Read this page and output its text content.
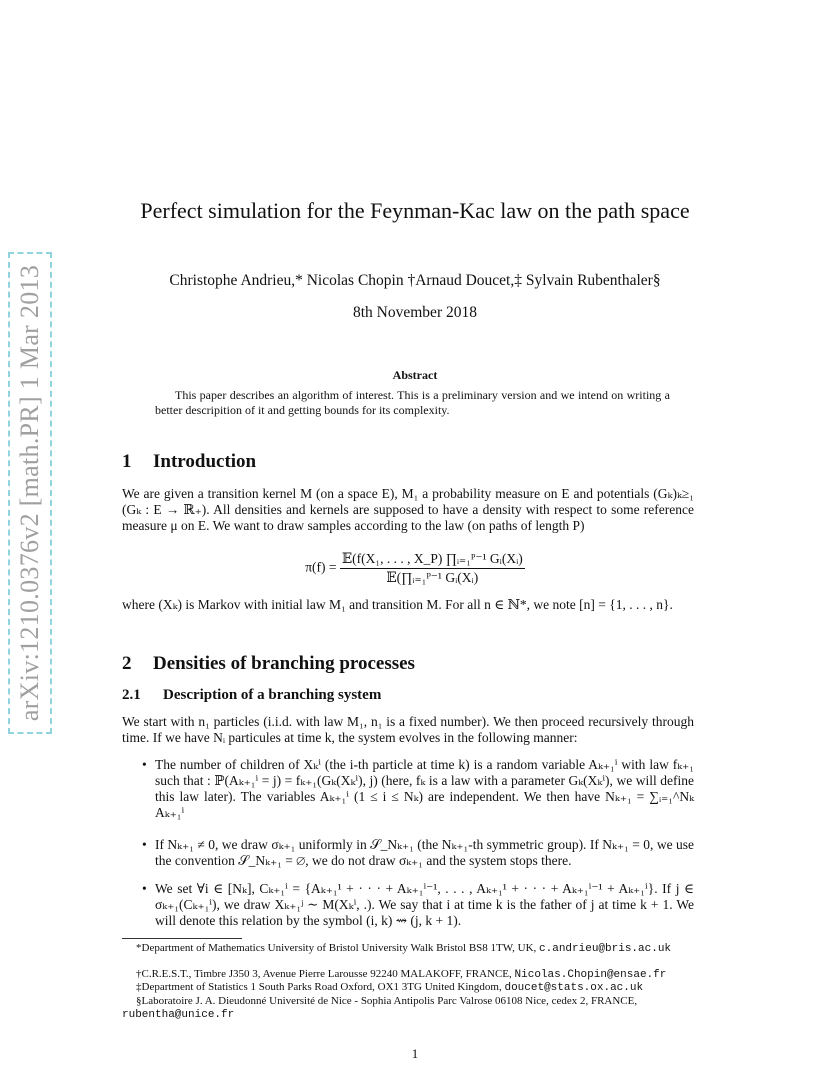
arXiv:1210.0376v2 [math.PR] 1 Mar 2013
Perfect simulation for the Feynman-Kac law on the path space
Christophe Andrieu,* Nicolas Chopin †Arnaud Doucet,‡ Sylvain Rubenthaler§
8th November 2018
Abstract
This paper describes an algorithm of interest. This is a preliminary version and we intend on writing a better descripition of it and getting bounds for its complexity.
1 Introduction
We are given a transition kernel M (on a space E), M₁ a probability measure on E and potentials (Gₖ)ₖ≥₁ (Gₖ : E → ℝ₊). All densities and kernels are supposed to have a density with respect to some reference measure μ on E. We want to draw samples according to the law (on paths of length P)
$\pi(f) = \frac{\text{𝔼(f(X₁, . . . , X\_P) ∏ᵢ₌₁ᴾ⁻¹ Gᵢ(Xᵢ)}}{\text{𝔼(∏ᵢ₌₁ᴾ⁻¹ Gᵢ(Xᵢ)}}$
where (Xₖ) is Markov with initial law M₁ and transition M. For all n ∈ ℕ*, we note [n] = {1, . . . , n}.
2 Densities of branching processes
2.1 Description of a branching system
We start with n₁ particles (i.i.d. with law M₁, n₁ is a fixed number). We then proceed recursively through time. If we have Nᵢ particules at time k, the system evolves in the following manner:
• The number of children of Xₖⁱ (the i-th particle at time k) is a random variable Aₖ₊₁ⁱ with law fₖ₊₁ such that : ℙ(Aₖ₊₁ⁱ = j) = fₖ₊₁(Gₖ(Xₖⁱ), j) (here, fₖ is a law with a parameter Gₖ(Xₖⁱ), we will define this law later). The variables Aₖ₊₁ⁱ (1 ≤ i ≤ Nₖ) are independent. We then have Nₖ₊₁ = ∑ᵢ₌₁^Nₖ Aₖ₊₁ⁱ
• If Nₖ₊₁ ≠ 0, we draw σₖ₊₁ uniformly in 𝒮_Nₖ₊₁ (the Nₖ₊₁-th symmetric group). If Nₖ₊₁ = 0, we use the convention 𝒮_Nₖ₊₁ = ∅, we do not draw σₖ₊₁ and the system stops there.
• We set ∀i ∈ [Nₖ], Cₖ₊₁ⁱ = {Aₖ₊₁¹ + · · · + Aₖ₊₁ⁱ⁻¹, . . . , Aₖ₊₁¹ + · · · + Aₖ₊₁ⁱ⁻¹ + Aₖ₊₁ⁱ}. If j ∈ σₖ₊₁(Cₖ₊₁ⁱ), we draw Xₖ₊₁ʲ ∼ M(Xₖⁱ, .). We say that i at time k is the father of j at time k + 1. We will denote this relation by the symbol (i, k) ⇝ (j, k + 1).
*Department of Mathematics University of Bristol University Walk Bristol BS8 1TW, UK, c.andrieu@bris.ac.uk
†C.R.E.S.T., Timbre J350 3, Avenue Pierre Larousse 92240 MALAKOFF, FRANCE, Nicolas.Chopin@ensae.fr
‡Department of Statistics 1 South Parks Road Oxford, OX1 3TG United Kingdom, doucet@stats.ox.ac.uk
§Laboratoire J. A. Dieudonné Université de Nice - Sophia Antipolis Parc Valrose 06108 Nice, cedex 2, FRANCE, rubentha@unice.fr
1
